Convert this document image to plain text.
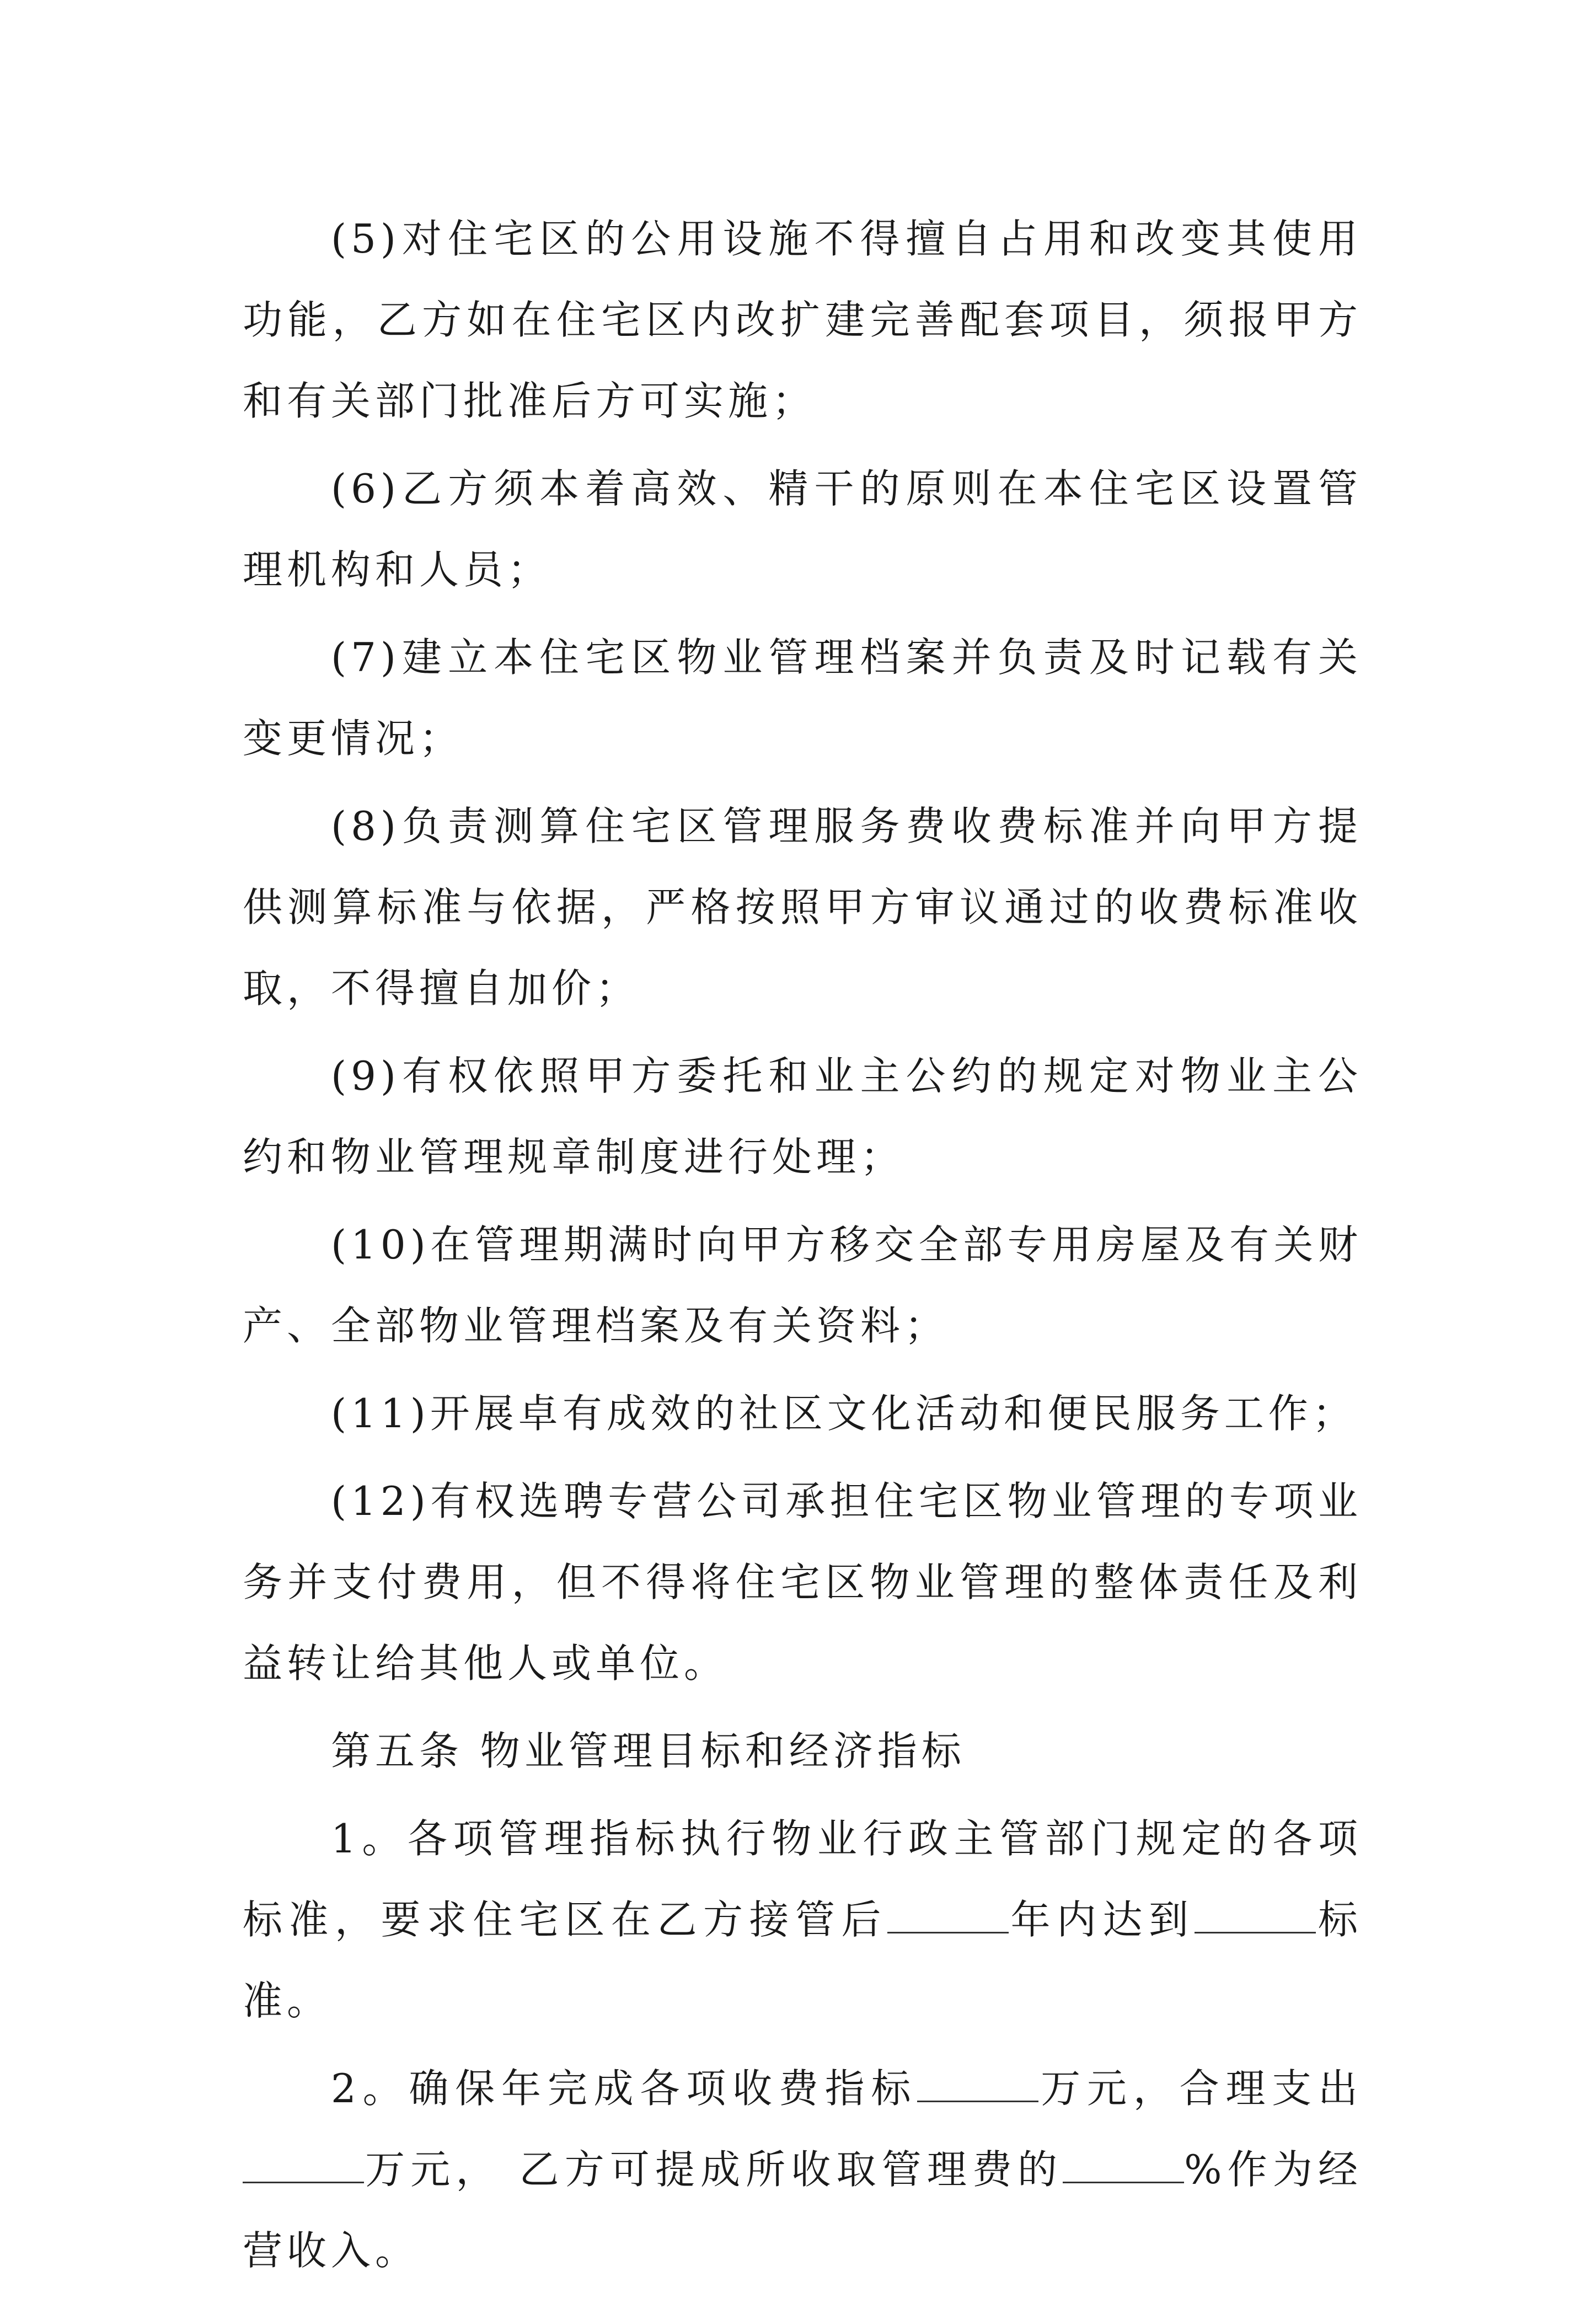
(5)对住宅区的公用设施不得擅自占用和改变其使用功能，乙方如在住宅区内改扩建完善配套项目，须报甲方和有关部门批准后方可实施；

(6)乙方须本着高效、精干的原则在本住宅区设置管理机构和人员；

(7)建立本住宅区物业管理档案并负责及时记载有关变更情况；

(8)负责测算住宅区管理服务费收费标准并向甲方提供测算标准与依据，严格按照甲方审议通过的收费标准收取，不得擅自加价；

(9)有权依照甲方委托和业主公约的规定对物业主公约和物业管理规章制度进行处理；

(10)在管理期满时向甲方移交全部专用房屋及有关财产、全部物业管理档案及有关资料；

(11)开展卓有成效的社区文化活动和便民服务工作；

(12)有权选聘专营公司承担住宅区物业管理的专项业务并支付费用，但不得将住宅区物业管理的整体责任及利益转让给其他人或单位。

第五条 物业管理目标和经济指标

1。各项管理指标执行物业行政主管部门规定的各项标准，要求住宅区在乙方接管后	年内达到	标准。

2。确保年完成各项收费指标	万元，合理支出万元， 乙方可提成所收取管理费的	%作为经营收入。
